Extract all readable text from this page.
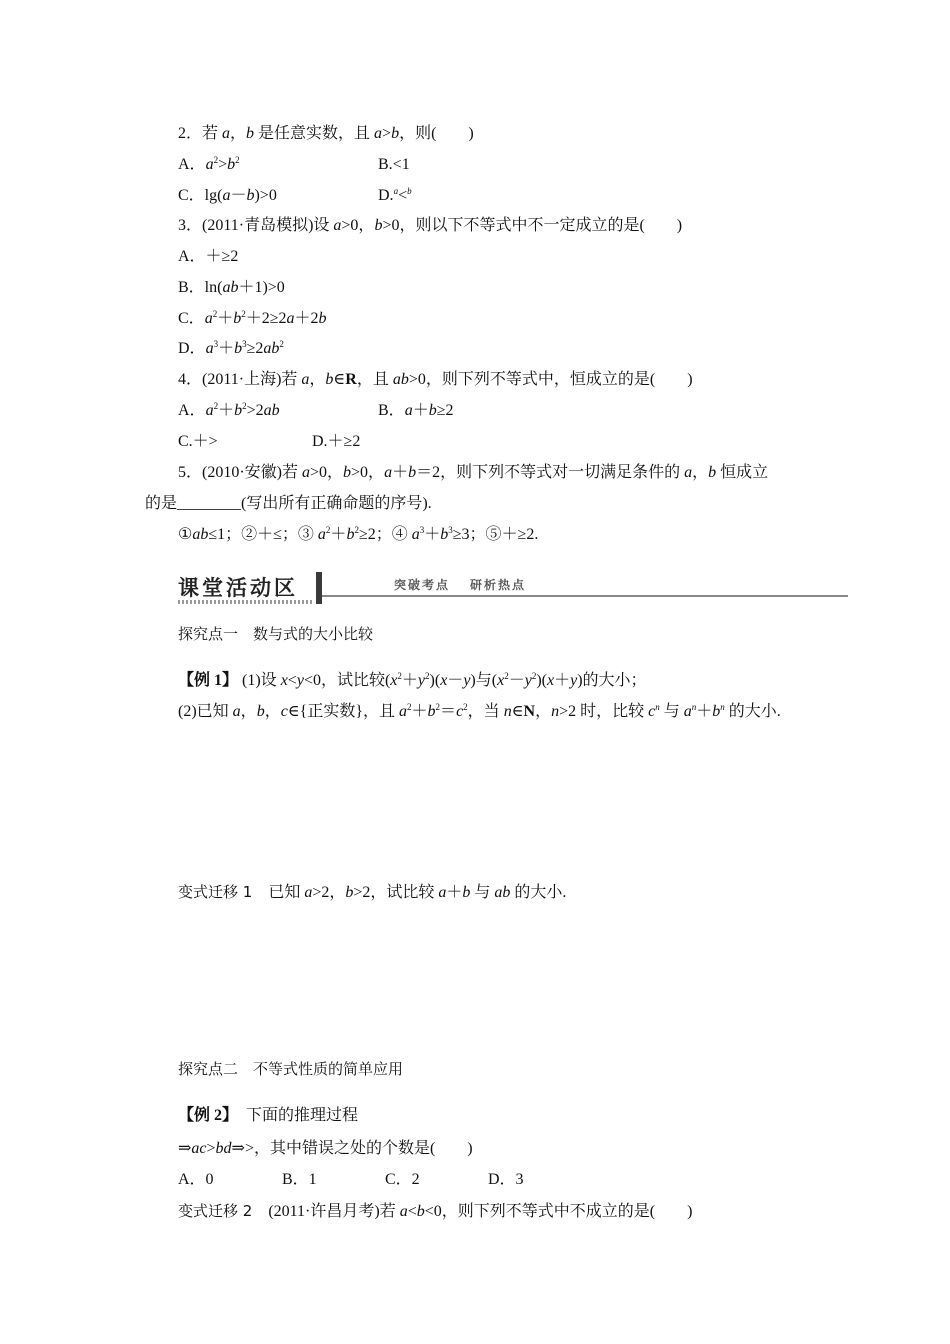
2．若 a，b 是任意实数，且 a>b，则(　　)
A．$a^2>b^2$	B.<1
C．lg(a－b)>0	D.$^a$<$^b$
3．(2011·青岛模拟)设 a>0，b>0，则以下不等式中不一定成立的是(　　)
A．＋≥2
B．ln(ab＋1)>0
C．$a^2+b^2+2\ge 2a+2b$
D．$a^3+b^3\ge 2ab^2$
4．(2011·上海)若 a，b∈R，且 ab>0，则下列不等式中，恒成立的是(　　)
A．$a^2+b^2>2ab$	B．a＋b≥2
C.＋>	D.＋≥2
5．(2010·安徽)若 a>0，b>0，a＋b＝2，则下列不等式对一切满足条件的 a，b 恒成立
的是________(写出所有正确命题的序号).
①ab≤1；②＋≤；③ $a^2+b^2\ge 2$；④ $a^3+b^3\ge 3$；⑤＋≥2.
课堂活动区	突破考点 研析热点
探究点一　数与式的大小比较
【例 1】 (1)设 x<y<0，试比较$(x^2+y^2)(x-y)$与$(x^2-y^2)(x+y)$的大小；
(2)已知 a，b，c∈{正实数}，且 $a^2+b^2=c^2$，当 n∈N，n>2 时，比较 $c^n$ 与 $a^n+b^n$ 的大小.
变式迁移 1　已知 a>2，b>2，试比较 a＋b 与 ab 的大小.
探究点二　不等式性质的简单应用
【例 2】　下面的推理过程
⇒ac>bd⇒>，其中错误之处的个数是(　　)
A．0	B．1	C．2	D．3
变式迁移 2　(2011·许昌月考)若 a<b<0，则下列不等式中不成立的是(　　)
